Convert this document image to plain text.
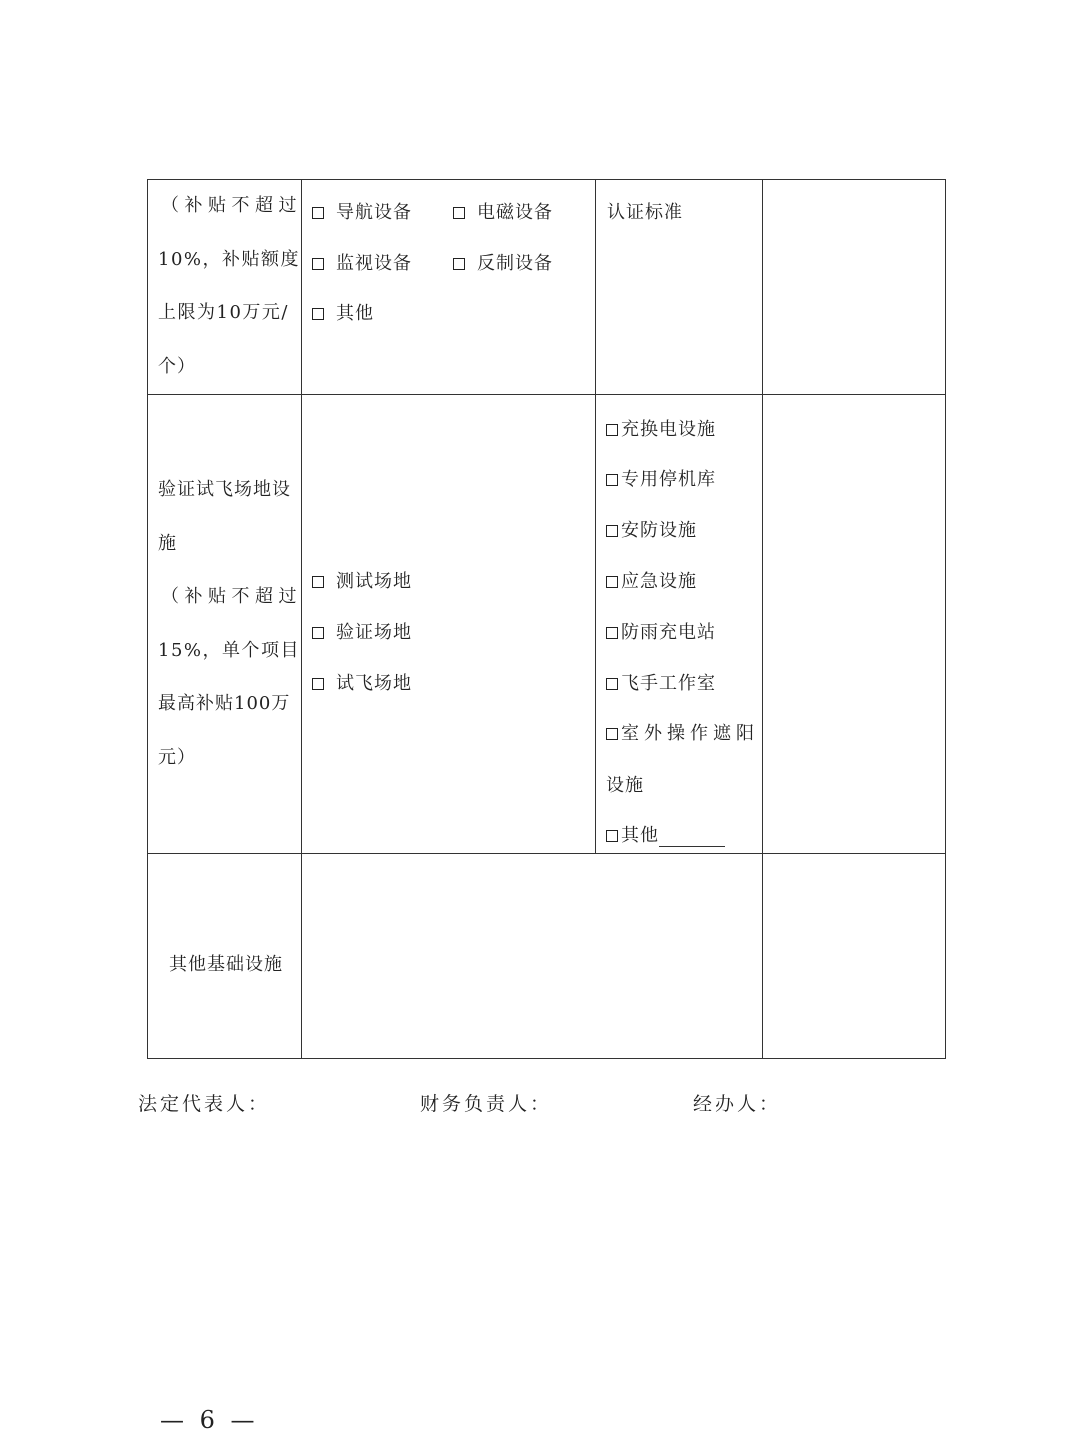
（补贴不超过
10%，补贴额度
上限为10万元/
个）
导航设备
监视设备
其他
电磁设备
反制设备
认证标准
验证试飞场地设
施
（补贴不超过
15%，单个项目
最高补贴100万
元）
测试场地
验证场地
试飞场地
充换电设施
专用停机库
安防设施
应急设施
防雨充电站
飞手工作室
室外操作遮阳
设施
其他
其他基础设施
法定代表人：	财务负责人：	经办人：
— 6 —
